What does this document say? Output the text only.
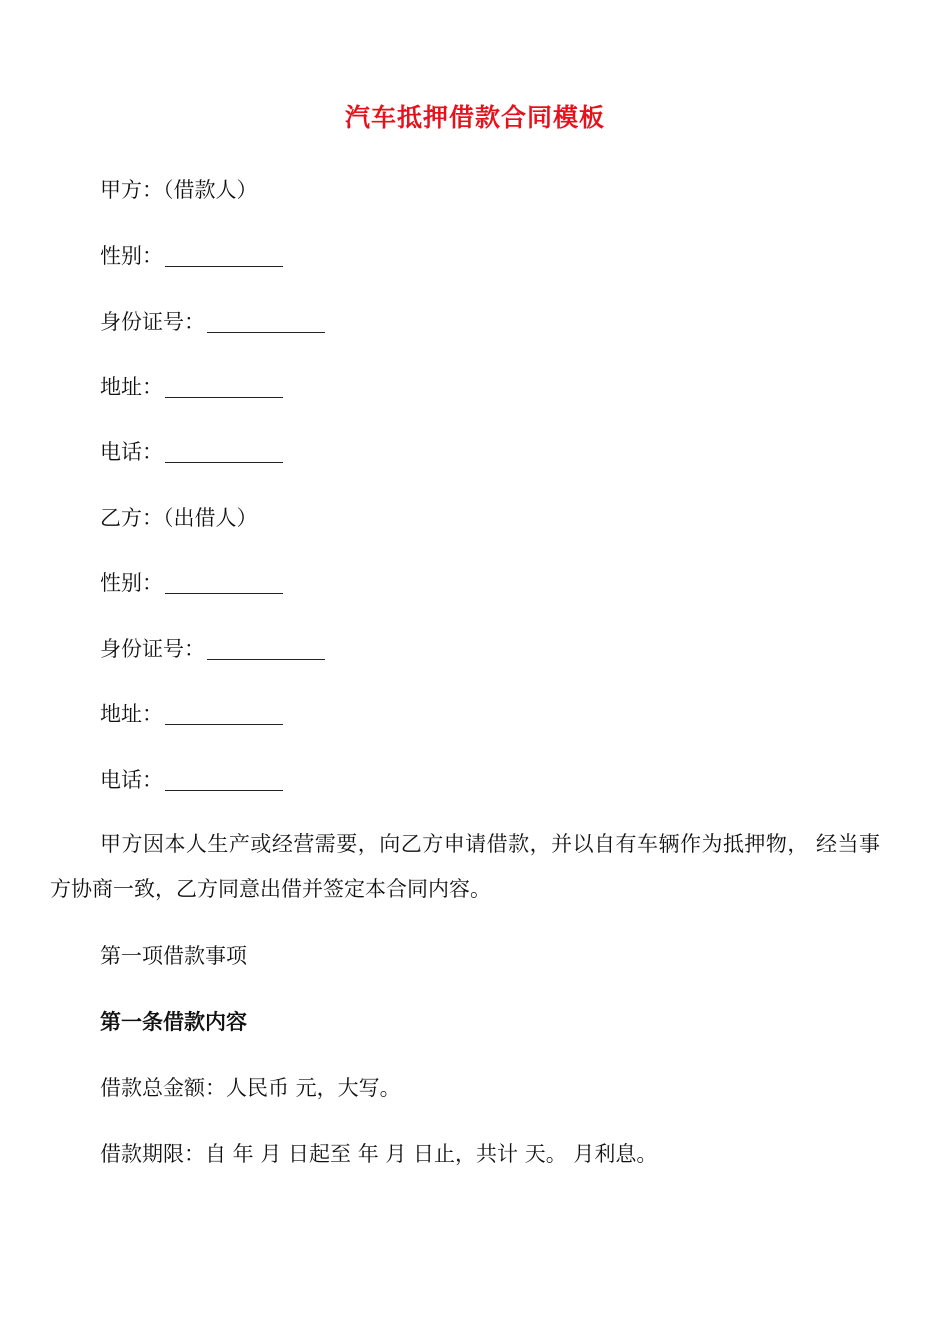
汽车抵押借款合同模板
甲方：（借款人）
性别：
身份证号：
地址：
电话：
乙方：（出借人）
性别：
身份证号：
地址：
电话：
甲方因本人生产或经营需要，向乙方申请借款，并以自有车辆作为抵押物， 经当事方协商一致，乙方同意出借并签定本合同内容。
第一项借款事项
第一条借款内容
借款总金额：人民币 元，大写。
借款期限：自 年 月 日起至 年 月 日止，共计 天。 月利息。
